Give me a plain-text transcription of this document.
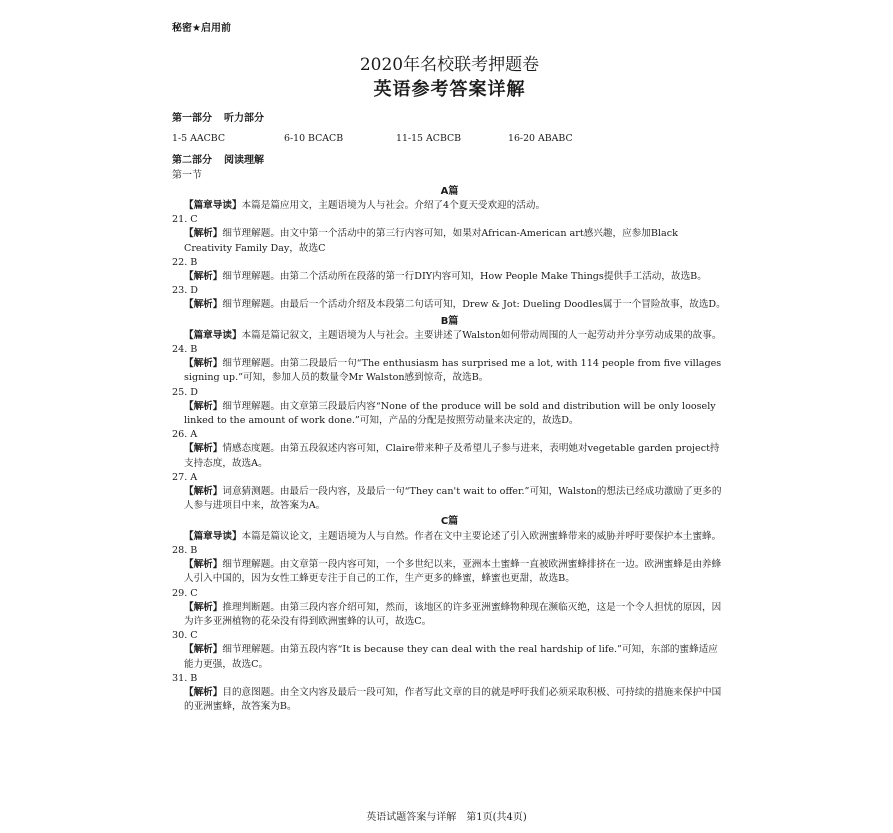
秘密★启用前
2020年名校联考押题卷
英语参考答案详解
第一部分 听力部分
1-5 AACBC	6-10 BCACB	11-15 ACBCB	16-20 ABABC
第二部分 阅读理解
第一节
A篇
【篇章导读】本篇是篇应用文，主题语境为人与社会。介绍了4个夏天受欢迎的活动。
21. C
【解析】细节理解题。由文中第一个活动中的第三行内容可知，如果对African-American art感兴趣，应参加Black Creativity Family Day，故选C
22. B
【解析】细节理解题。由第二个活动所在段落的第一行DIY内容可知，How People Make Things提供手工活动，故选B。
23. D
【解析】细节理解题。由最后一个活动介绍及本段第二句话可知，Drew & Jot: Dueling Doodles属于一个冒险故事，故选D。
B篇
【篇章导读】本篇是篇记叙文，主题语境为人与社会。主要讲述了Walston如何带动周围的人一起劳动并分享劳动成果的故事。
24. B
【解析】细节理解题。由第二段最后一句“The enthusiasm has surprised me a lot, with 114 people from five villages signing up.”可知，参加人员的数量令Mr Walston感到惊奇，故选B。
25. D
【解析】细节理解题。由文章第三段最后内容“None of the produce will be sold and distribution will be only loosely linked to the amount of work done.”可知，产品的分配是按照劳动量来决定的，故选D。
26. A
【解析】情感态度题。由第五段叙述内容可知，Claire带来种子及希望儿子参与进来，表明她对vegetable garden project持支持态度，故选A。
27. A
【解析】词意猜测题。由最后一段内容，及最后一句“They can't wait to offer.”可知，Walston的想法已经成功激励了更多的人参与进项目中来，故答案为A。
C篇
【篇章导读】本篇是篇议论文，主题语境为人与自然。作者在文中主要论述了引入欧洲蜜蜂带来的威胁并呼吁要保护本土蜜蜂。
28. B
【解析】细节理解题。由文章第一段内容可知，一个多世纪以来，亚洲本土蜜蜂一直被欧洲蜜蜂排挤在一边。欧洲蜜蜂是由养蜂人引入中国的，因为女性工蜂更专注于自己的工作，生产更多的蜂蜜，蜂蜜也更甜，故选B。
29. C
【解析】推理判断题。由第三段内容介绍可知，然而，该地区的许多亚洲蜜蜂物种现在濒临灭绝，这是一个令人担忧的原因，因为许多亚洲植物的花朵没有得到欧洲蜜蜂的认可，故选C。
30. C
【解析】细节理解题。由第五段内容“It is because they can deal with the real hardship of life.”可知，东部的蜜蜂适应能力更强，故选C。
31. B
【解析】目的意图题。由全文内容及最后一段可知，作者写此文章的目的就是呼吁我们必须采取积极、可持续的措施来保护中国的亚洲蜜蜂，故答案为B。
英语试题答案与详解　第1页(共4页)
